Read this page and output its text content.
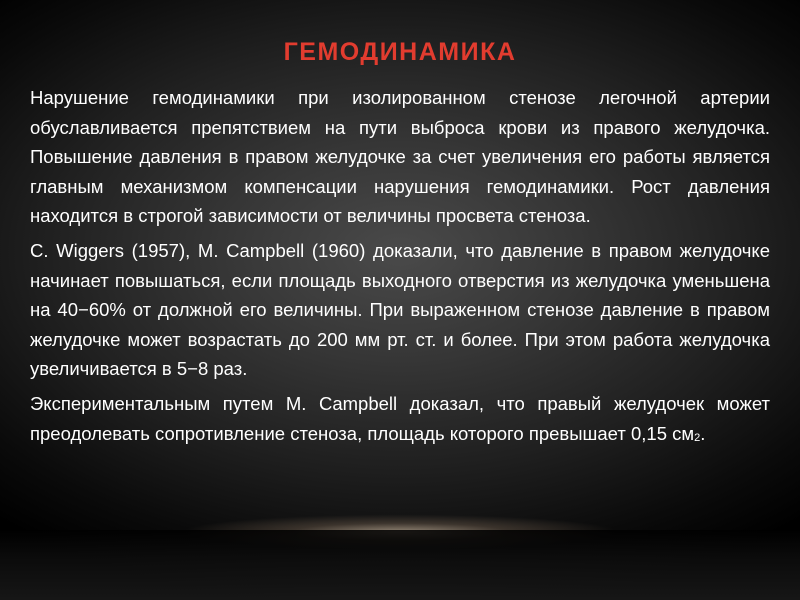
ГЕМОДИНАМИКА

Нарушение гемодинамики при изолированном стенозе легочной артерии обуславливается препятствием на пути выброса крови из правого желудочка. Повышение давления в правом желудочке за счет увеличения его работы является главным механизмом компенсации нарушения гемодинамики. Рост давления находится в строгой зависимости от величины просвета стеноза.

C. Wiggers (1957), M. Campbell (1960) доказали, что давление в правом желудочке начинает повышаться, если площадь выходного отверстия из желудочка уменьшена на 40−60% от должной его величины. При выраженном стенозе давление в правом желудочке может возрастать до 200 мм рт. ст. и более. При этом работа желудочка увеличивается в 5−8 раз.

Экспериментальным путем M. Campbell доказал, что правый желудочек может преодолевать сопротивление стеноза, площадь которого превышает 0,15 $см^2$.
